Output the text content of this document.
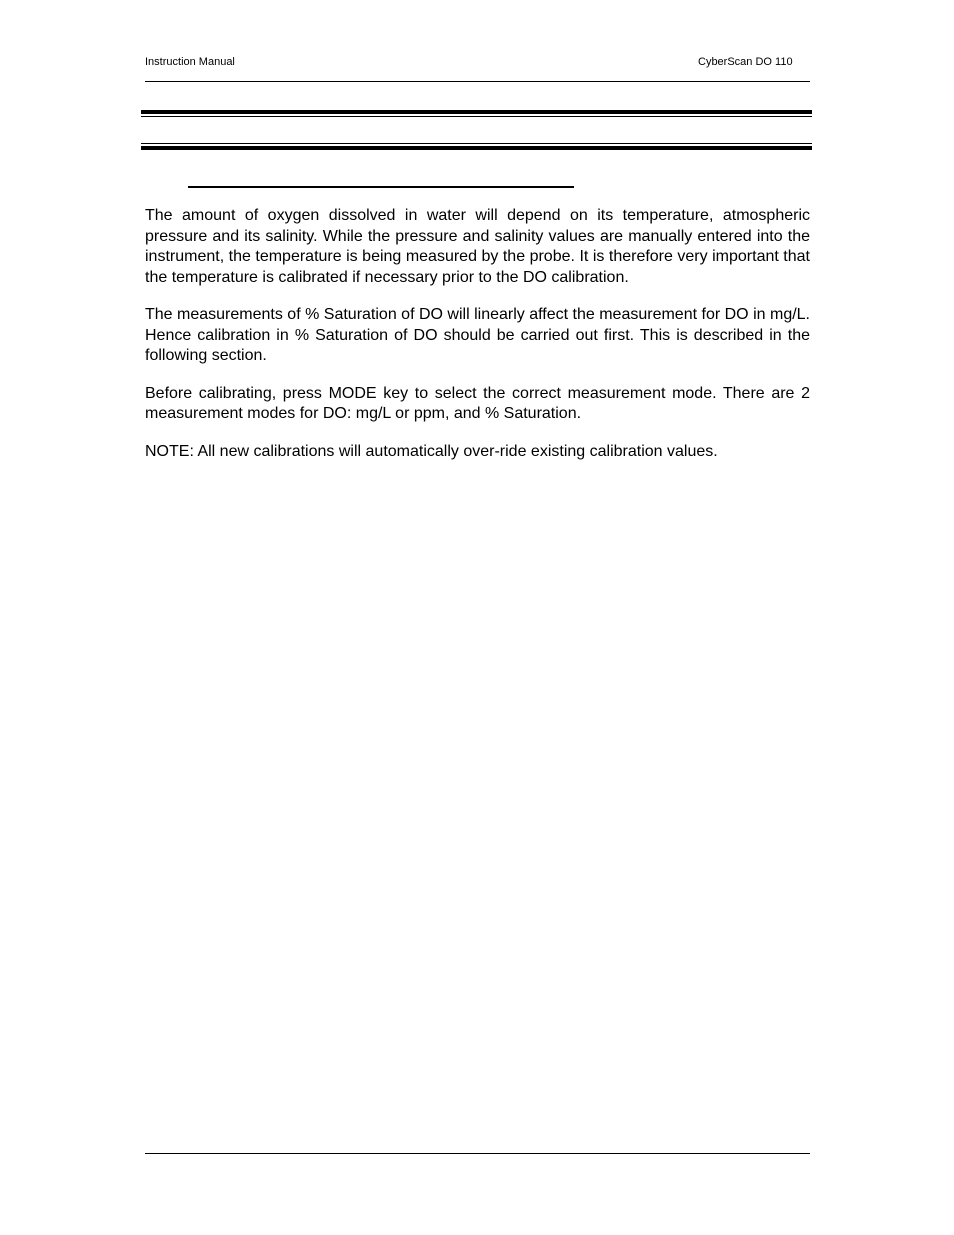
Instruction Manual	CyberScan DO 110

The amount of oxygen dissolved in water will depend on its temperature, atmospheric pressure and its salinity. While the pressure and salinity values are manually entered into the instrument, the temperature is being measured by the probe. It is therefore very important that the temperature is calibrated if necessary prior to the DO calibration.

The measurements of % Saturation of DO will linearly affect the measurement for DO in mg/L. Hence calibration in % Saturation of DO should be carried out first. This is described in the following section.

Before calibrating, press MODE key to select the correct measurement mode. There are 2 measurement modes for DO: mg/L or ppm, and % Saturation.

NOTE: All new calibrations will automatically over-ride existing calibration values.
